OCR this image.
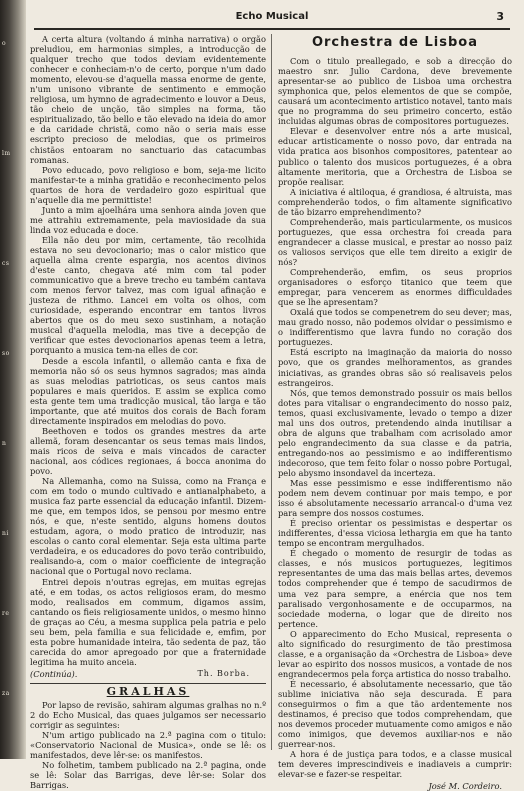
o
lm
cs
so
n
ni
re
za
Echo Musical	3

A certa altura (voltando á minha narrativa) o orgão preludiou, em harmonias simples, a introducção de qualquer trecho que todos deviam evidentemente conhecer e conheciam-n'o de certo, porque n'um dado momento, elevou-se d'aquella massa enorme de gente, n'um unisono vibrante de sentimento e emmoção religiosa, um hymno de agradecimento e louvor a Deus, tão cheio de unção, tão simples na forma, tão espiritualizado, tão bello e tão elevado na ideia do amor e da caridade christã, como não o seria mais esse escripto precioso de melodias, que os primeiros chistãos entoaram no sanctuario das catacumbas romanas.

Povo educado, povo religioso e bom, seja-me licito manifestar-te a minha gratidão e reconhecimento pelos quartos de hora de verdadeiro gozo espiritual que n'aquelle dia me permittiste!

Junto a mim ajoelhára uma senhora ainda joven que me attrahiu extremamente, pela maviosidade da sua linda voz educada e doce.

Ella não deu por mim, certamente, tão recolhida estava no seu devocionario; mas o calor mistico que aquella alma crente espargia, nos acentos divinos d'este canto, chegava até mim com tal poder communicativo que a breve trecho eu também cantava com menos fervor talvez, mas com igual afinação e justeza de rithmo. Lancei em volta os olhos, com curiosidade, esperando encontrar em tantos livros abertos que os do meu sexo sustinham, a notação musical d'aquella melodia, mas tive a decepção de verificar que estes devocionarios apenas teem a letra, porquanto a musica tem-na elles de cor.

Desde a escola infantil, o allemão canta e fixa de memoria não só os seus hymnos sagrados; mas ainda as suas melodias patrioticas, os seus cantos mais populares e mais queridos. E assim se explica como esta gente tem uma tradicção musical, tão larga e tão importante, que até muitos dos corais de Bach foram directamente inspirados em melodias do povo.

Beethoven e todos os grandes mestres da arte allemã, foram desencantar os seus temas mais lindos, mais ricos de seiva e mais vincados de caracter nacional, aos códices regionaes, á bocca anonima do povo.

Na Allemanha, como na Suissa, como na França e com em todo o mundo cultivado e antianalphabeto, a musica faz parte essencial da educação infantil. Dizem-me que, em tempos idos, se pensou por mesmo entre nós, e que, n'este sentido, alguns homens doutos estudam, agora, o modo pratico de introduzir, nas escolas o canto coral elementar. Seja esta ultima parte verdadeira, e os educadores do povo terão contribuido, realisando-a, com o maior coefficiente de integração nacional que o Portugal novo reclama.

Entrei depois n'outras egrejas, em muitas egrejas até, e em todas, os actos religiosos eram, do mesmo modo, realisados em commum, digamos assim, cantando os fieis religiosamente unidos, o mesmo hinno de graças ao Céu, a mesma supplica pela patria e pelo seu bem, pela familia e sua felicidade e, emfim, por esta pobre humanidade inteira, tão sedenta de paz, tão carecida do amor apregoado por que a fraternidade legitima ha muito anceia.

(Continúa).	Th. Borba.
GRALHAS

Por lapso de revisão, sahiram algumas gralhas no n.º 2 do Echo Musical, das quaes julgamos ser necessario corrigir as seguintes:

N'um artigo publicado na 2.ª pagina com o titulo: «Conservatorio Nacional de Musica», onde se lê: os manifestados, deve lêr-se: os manifestos.

No folhetim, tambem publicado na 2.ª pagina, onde se lê: Solar das Barrigas, deve lêr-se: Solar dos Barrigas.

Orchestra de Lisboa

Com o titulo preallegado, e sob a direcção do maestro snr. Julio Cardona, deve brevemente apresentar-se ao publico de Lisboa uma orchestra symphonica que, pelos elementos de que se compõe, causará um acontecimento artistico notavel, tanto mais que no programma do seu primeiro concerto, estão incluidas algumas obras de compositores portuguezes.

Elevar e desenvolver entre nós a arte musical, educar artisticamente o nosso povo, dar entrada na vida pratica aos bisonhos compositores, patentear ao publico o talento dos musicos portuguezes, é a obra altamente meritoria, que a Orchestra de Lisboa se propõe realisar.

A iniciativa é altiloqua, é grandiosa, é altruista, mas comprehenderão todos, o fim altamente significativo de tão bizarro emprehendimento?

Comprehenderão, mais particularmente, os musicos portuguezes, que essa orchestra foi creada para engrandecer a classe musical, e prestar ao nosso paiz os valiosos serviços que elle tem direito a exigir de nós?

Comprehenderão, emfim, os seus proprios organisadores o esforço titanico que teem que empregar, para vencerem as enormes difficuldades que se lhe apresentam?

Oxalá que todos se compenetrem do seu dever; mas, mau grado nosso, não podemos olvidar o pessimismo e o indifferentismo que lavra fundo no coração dos portuguezes.

Está escripto na imaginação da maioria do nosso povo, que os grandes melhoramentos, as grandes iniciativas, as grandes obras são só realisaveis pelos estrangeiros.

Nós, que temos demonstrado possuir os mais bellos dotes para vitalisar o engrandecimento do nosso paiz, temos, quasi exclusivamente, levado o tempo a dizer mal uns dos outros, pretendendo ainda inutilisar a obra de alguns que trabalham com acrisolado amor pelo engrandecimento da sua classe e da patria, entregando-nos ao pessimismo e ao indifferentismo indecoroso, que tem feito folar o nosso pobre Portugal, pelo abysmo insondavel da incerteza.

Mas esse pessimismo e esse indifferentismo não podem nem devem continuar por mais tempo, e por isso é absolutamente necessario arrancal-o d'uma vez para sempre dos nossos costumes.

É preciso orientar os pessimistas e despertar os indifferentes, d'essa viciosa lethargia em que ha tanto tempo se encontram mergulhados.

É chegado o momento de resurgir de todas as classes, e nós musicos portuguezes, legitimos representantes de uma das mais bellas artes, devemos todos comprehender que é tempo de sacudirmos de uma vez para sempre, a enércia que nos tem paralisado vergonhosamente e de occuparmos, na sociedade moderna, o logar que de direito nos pertence.

O apparecimento do Echo Musical, representa o alto significado do resurgimento de tão prestimosa classe, e a organisação da «Orchestra de Lisboa» deve levar ao espirito dos nossos musicos, a vontade de nos engrandecermos pela força artistica do nosso trabalho.

É necessario, é absolutamente necessario, que tão sublime iniciativa não seja descurada. É para conseguirmos o fim a que tão ardentemente nos destinamos, é preciso que todos comprehendam, que nos devemos proceder mutuamente como amigos e não como inimigos, que devemos auxiliar-nos e não guerrear-nos.

A hora é de justiça para todos, e a classe musical tem deveres imprescindiveis e inadiaveis a cumprir: elevar-se e fazer-se respeitar.

José M. Cordeiro.
